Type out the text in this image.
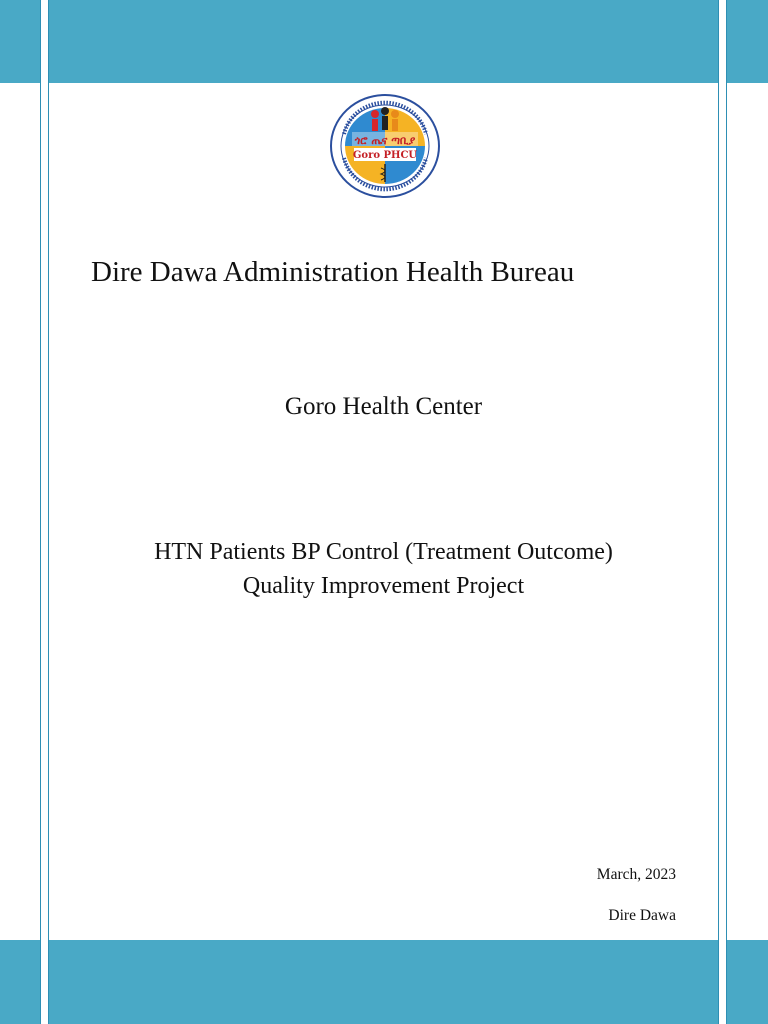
ጎሮ ጤና ጣቢያ
Goro PHCU
Dire Dawa Administration Health Bureau
Goro Health Center
HTN Patients BP Control (Treatment Outcome)
Quality Improvement Project
March, 2023
Dire Dawa
